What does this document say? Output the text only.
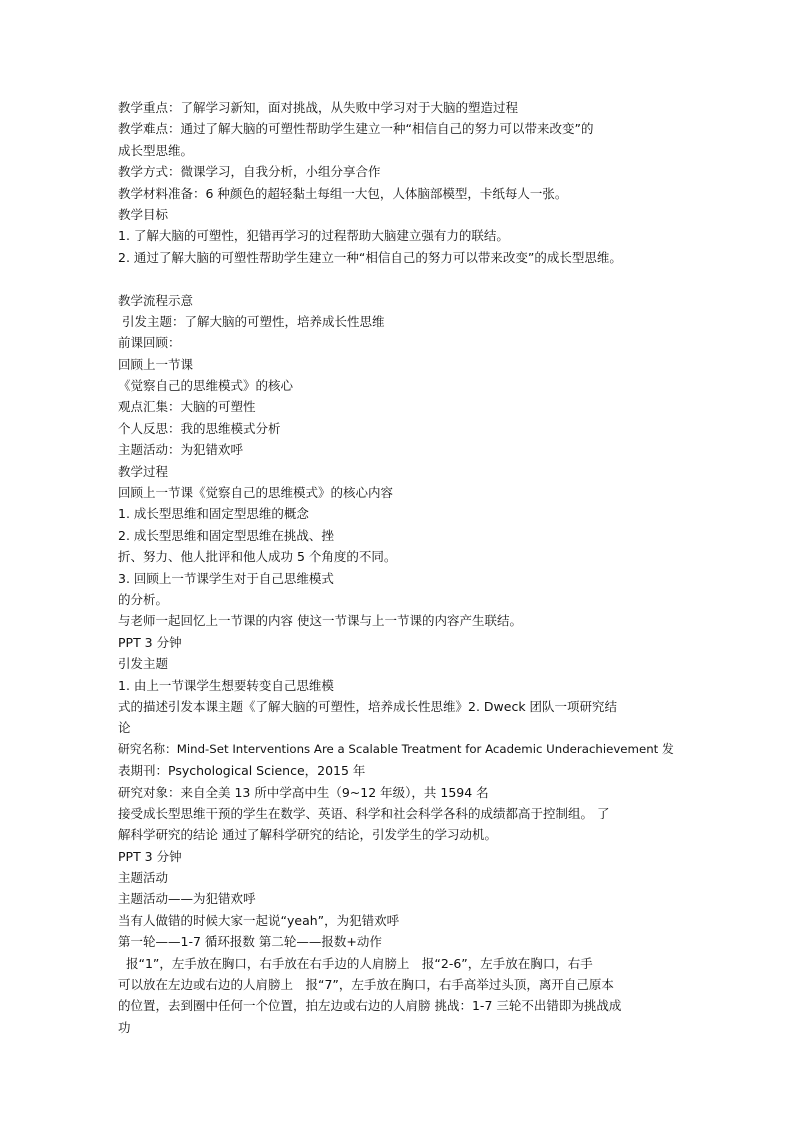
教学重点：了解学习新知，面对挑战，从失败中学习对于大脑的塑造过程
教学难点：通过了解大脑的可塑性帮助学生建立一种“相信自己的努力可以带来改变”的
成长型思维。
教学方式：微课学习，自我分析，小组分享合作
教学材料准备：6 种颜色的超轻黏土每组一大包，人体脑部模型，卡纸每人一张。
教学目标
1. 了解大脑的可塑性，犯错再学习的过程帮助大脑建立强有力的联结。
2. 通过了解大脑的可塑性帮助学生建立一种“相信自己的努力可以带来改变”的成长型思维。
教学流程示意
引发主题：了解大脑的可塑性，培养成长性思维
前课回顾：
回顾上一节课
《觉察自己的思维模式》的核心
观点汇集：大脑的可塑性
个人反思：我的思维模式分析
主题活动：为犯错欢呼
教学过程
回顾上一节课《觉察自己的思维模式》的核心内容
1. 成长型思维和固定型思维的概念
2. 成长型思维和固定型思维在挑战、挫
折、努力、他人批评和他人成功 5 个角度的不同。
3. 回顾上一节课学生对于自己思维模式
的分析。
与老师一起回忆上一节课的内容 使这一节课与上一节课的内容产生联结。
PPT 3 分钟
引发主题
1. 由上一节课学生想要转变自己思维模
式的描述引发本课主题《了解大脑的可塑性，培养成长性思维》2. Dweck 团队一项研究结
论
研究名称：Mind-Set Interventions Are a Scalable Treatment for Academic Underachievement 发
表期刊：Psychological Science，2015 年
研究对象：来自全美 13 所中学高中生（9~12 年级），共 1594 名
接受成长型思维干预的学生在数学、英语、科学和社会科学各科的成绩都高于控制组。 了
解科学研究的结论 通过了解科学研究的结论，引发学生的学习动机。
PPT 3 分钟
主题活动
主题活动——为犯错欢呼
当有人做错的时候大家一起说“yeah”，为犯错欢呼
第一轮——1-7 循环报数 第二轮——报数+动作
报“1”，左手放在胸口，右手放在右手边的人肩膀上　报“2-6”，左手放在胸口，右手
可以放在左边或右边的人肩膀上　报“7”，左手放在胸口，右手高举过头顶，离开自己原本
的位置，去到圈中任何一个位置，拍左边或右边的人肩膀 挑战：1-7 三轮不出错即为挑战成
功
